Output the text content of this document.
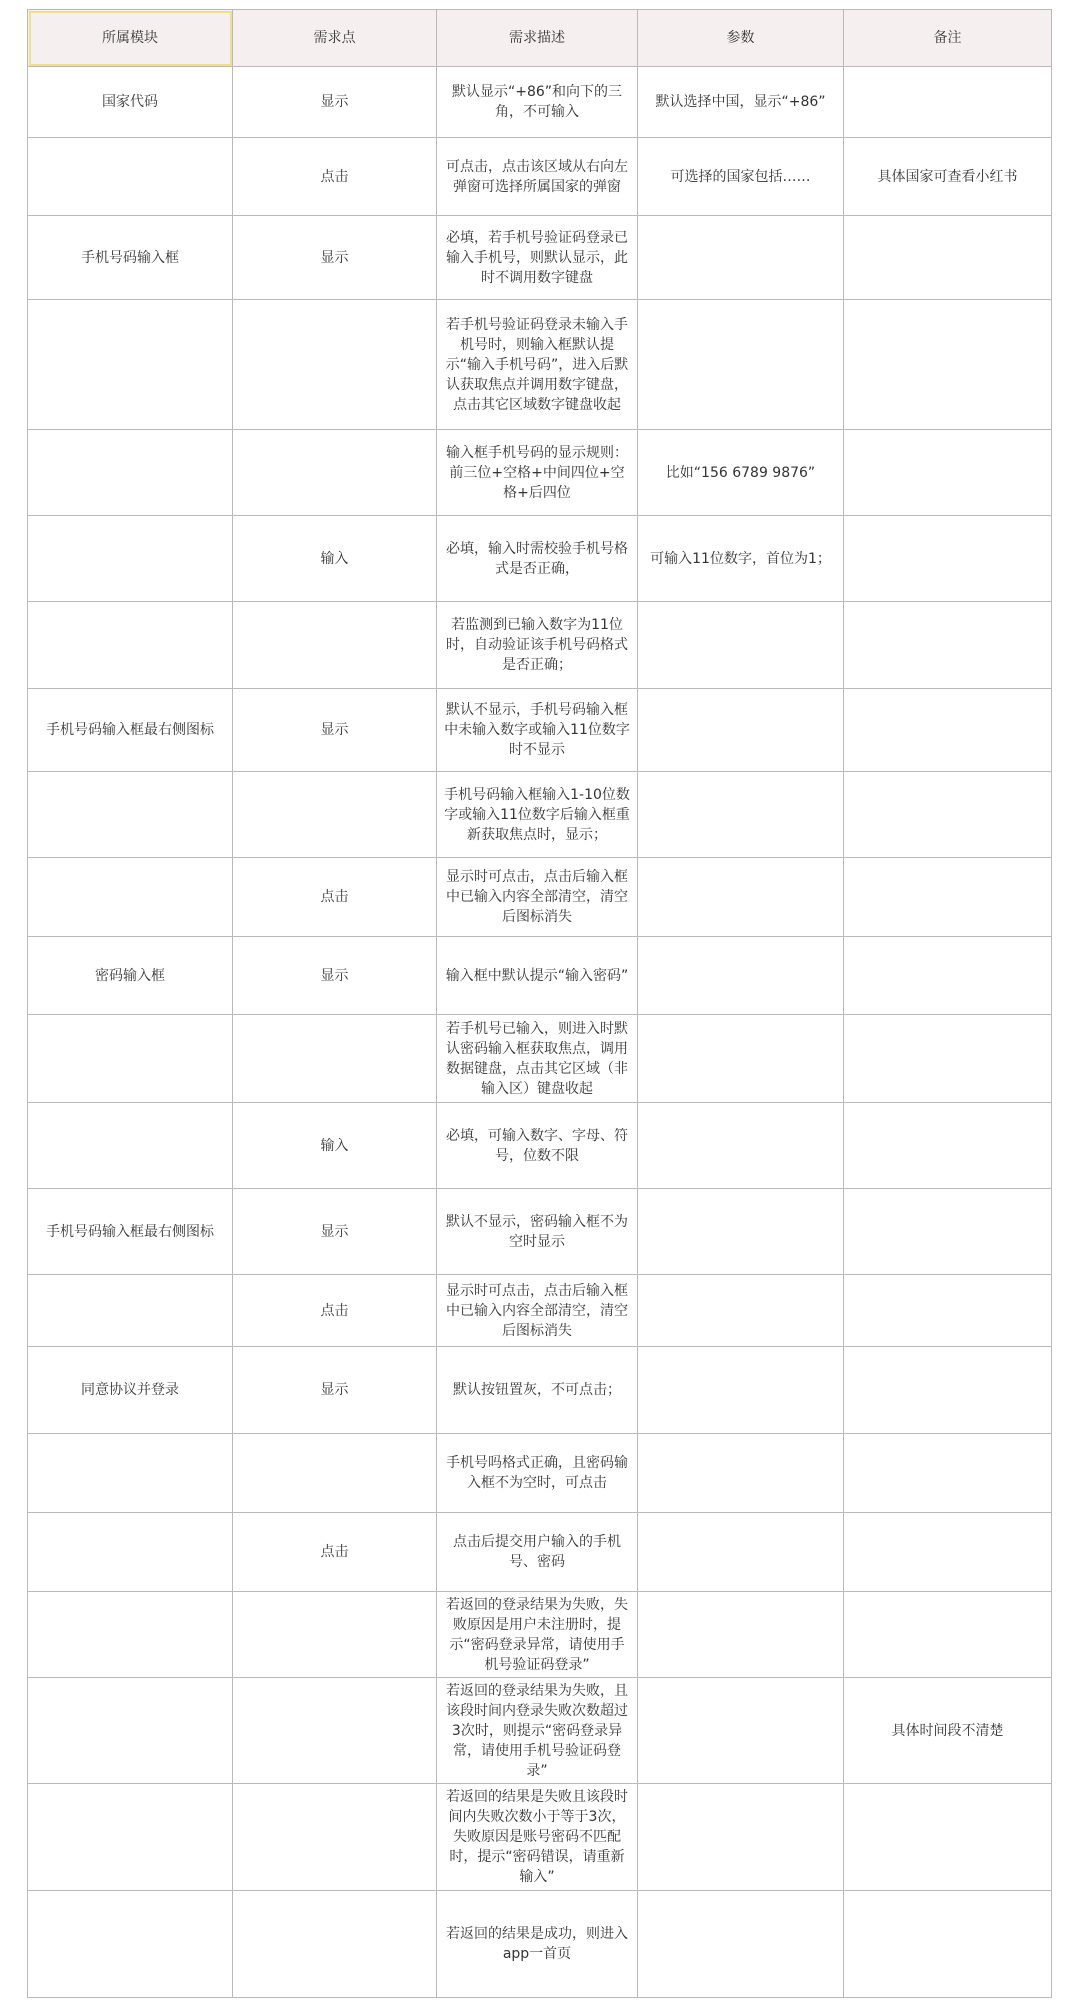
所属模块	需求点	需求描述	参数	备注
国家代码	显示	默认显示“+86”和向下的三角，不可输入	默认选择中国，显示“+86”	
	点击	可点击，点击该区域从右向左弹窗可选择所属国家的弹窗	可选择的国家包括……	具体国家可查看小红书
手机号码输入框	显示	必填，若手机号验证码登录已输入手机号，则默认显示，此时不调用数字键盘		
		若手机号验证码登录未输入手机号时，则输入框默认提示“输入手机号码”，进入后默认获取焦点并调用数字键盘，点击其它区域数字键盘收起		
		输入框手机号码的显示规则：前三位+空格+中间四位+空格+后四位	比如“156 6789 9876”	
	输入	必填，输入时需校验手机号格式是否正确，	可输入11位数字，首位为1；	
		若监测到已输入数字为11位时，自动验证该手机号码格式是否正确；		
手机号码输入框最右侧图标	显示	默认不显示，手机号码输入框中未输入数字或输入11位数字时不显示		
		手机号码输入框输入1-10位数字或输入11位数字后输入框重新获取焦点时，显示；		
	点击	显示时可点击，点击后输入框中已输入内容全部清空，清空后图标消失		
密码输入框	显示	输入框中默认提示“输入密码”		
		若手机号已输入，则进入时默认密码输入框获取焦点，调用数据键盘，点击其它区域（非输入区）键盘收起		
	输入	必填，可输入数字、字母、符号，位数不限		
手机号码输入框最右侧图标	显示	默认不显示，密码输入框不为空时显示		
	点击	显示时可点击，点击后输入框中已输入内容全部清空，清空后图标消失		
同意协议并登录	显示	默认按钮置灰，不可点击；		
		手机号吗格式正确，且密码输入框不为空时，可点击		
	点击	点击后提交用户输入的手机号、密码		
		若返回的登录结果为失败，失败原因是用户未注册时，提示“密码登录异常，请使用手机号验证码登录”		
		若返回的登录结果为失败，且该段时间内登录失败次数超过3次时，则提示“密码登录异常，请使用手机号验证码登录”		具体时间段不清楚
		若返回的结果是失败且该段时间内失败次数小于等于3次，失败原因是账号密码不匹配时，提示“密码错误，请重新输入”		
		若返回的结果是成功，则进入app一首页		
